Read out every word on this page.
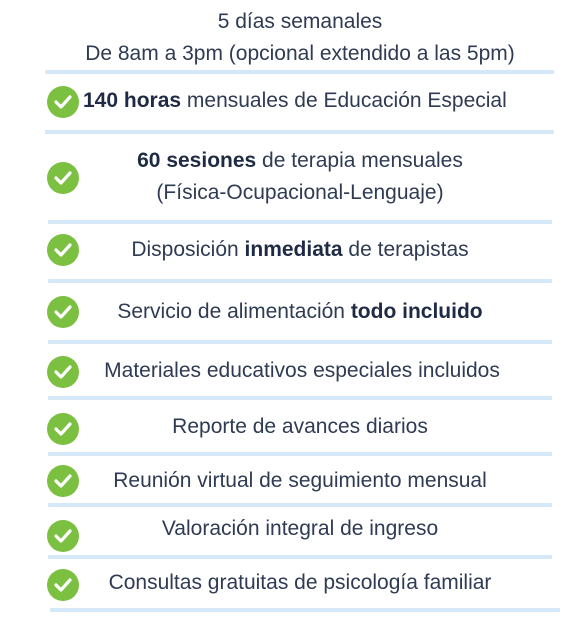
5 días semanales
De 8am a 3pm (opcional extendido a las 5pm)
140 horas mensuales de Educación Especial
60 sesiones de terapia mensuales
(Física-Ocupacional-Lenguaje)
Disposición inmediata de terapistas
Servicio de alimentación todo incluido
Materiales educativos especiales incluidos
Reporte de avances diarios
Reunión virtual de seguimiento mensual
Valoración integral de ingreso
Consultas gratuitas de psicología familiar
